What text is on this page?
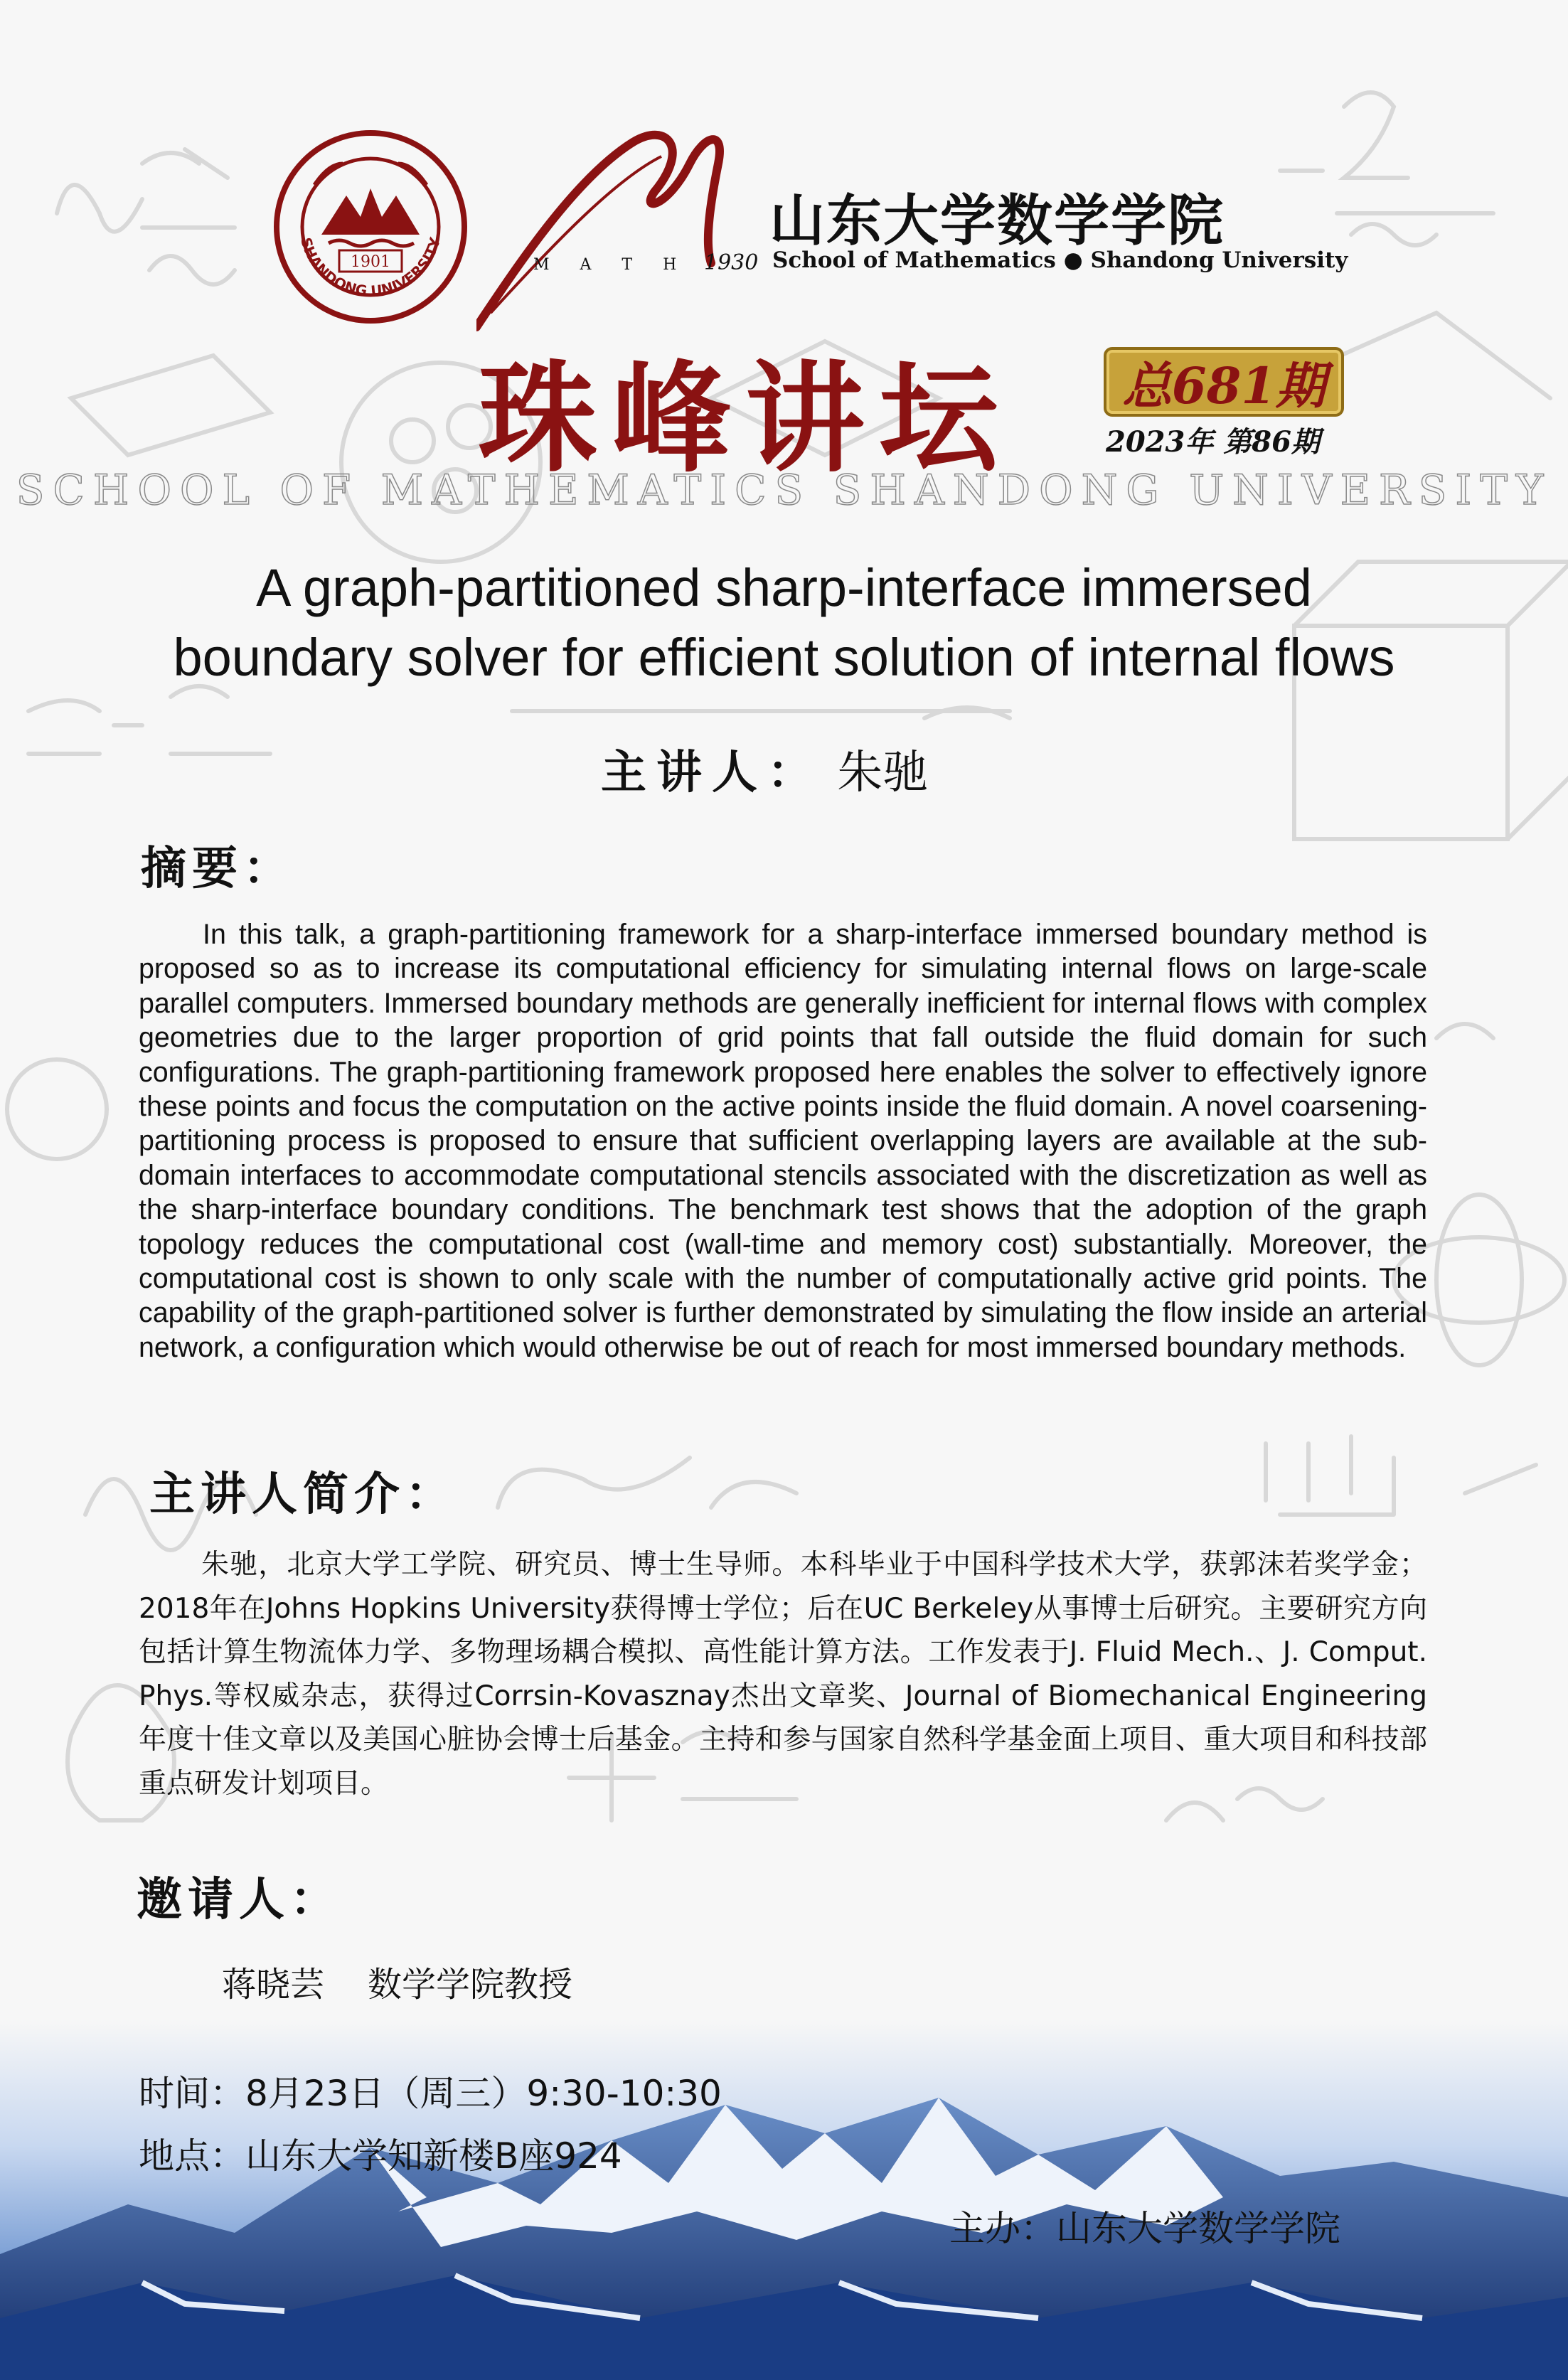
1901
SHANDONG UNIVERSITY
M A T H 1930
山东大学数学学院
School of Mathematics ● Shandong University
珠峰讲坛 总681期
2023年 第86期
SCHOOL OF MATHEMATICS SHANDONG UNIVERSITY
A graph-partitioned sharp-interface immersed
boundary solver for efficient solution of internal flows
主讲人： 朱驰
摘要：
In this talk, a graph-partitioning framework for a sharp-interface immersed boundary method is proposed so as to increase its computational efficiency for simulating internal flows on large-scale parallel computers. Immersed boundary methods are generally inefficient for internal flows with complex geometries due to the larger proportion of grid points that fall outside the fluid domain for such configurations. The graph-partitioning framework proposed here enables the solver to effectively ignore these points and focus the computation on the active points inside the fluid domain. A novel coarsening-partitioning process is proposed to ensure that sufficient overlapping layers are available at the sub-domain interfaces to accommodate computational stencils associated with the discretization as well as the sharp-interface boundary conditions. The benchmark test shows that the adoption of the graph topology reduces the computational cost (wall-time and memory cost) substantially. Moreover, the computational cost is shown to only scale with the number of computationally active grid points. The capability of the graph-partitioned solver is further demonstrated by simulating the flow inside an arterial network, a configuration which would otherwise be out of reach for most immersed boundary methods.
主讲人简介：
朱驰，北京大学工学院、研究员、博士生导师。本科毕业于中国科学技术大学，获郭沫若奖学金；2018年在Johns Hopkins University获得博士学位；后在UC Berkeley从事博士后研究。主要研究方向包括计算生物流体力学、多物理场耦合模拟、高性能计算方法。工作发表于J. Fluid Mech.、J. Comput. Phys.等权威杂志，获得过Corrsin-Kovasznay杰出文章奖、Journal of Biomechanical Engineering年度十佳文章以及美国心脏协会博士后基金。主持和参与国家自然科学基金面上项目、重大项目和科技部重点研发计划项目。
邀请人：
蒋晓芸    数学学院教授
时间：8月23日（周三）9:30-10:30
地点：山东大学知新楼B座924
主办：山东大学数学学院
